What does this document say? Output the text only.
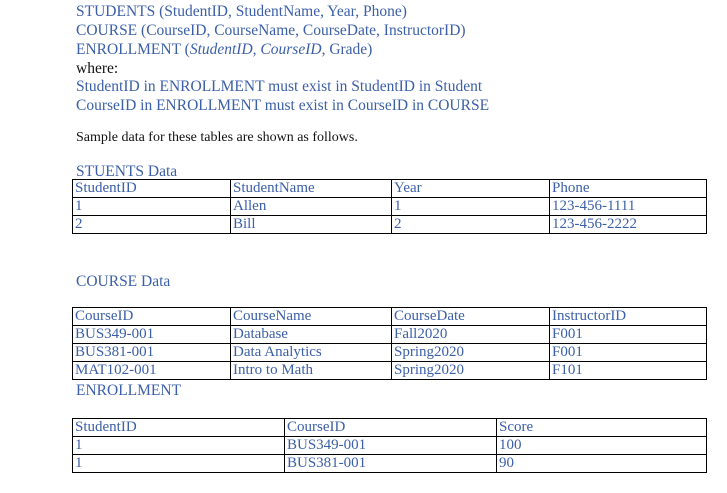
STUDENTS (StudentID, StudentName, Year, Phone)
COURSE (CourseID, CourseName, CourseDate, InstructorID)
ENROLLMENT (StudentID, CourseID, Grade)
where:
StudentID in ENROLLMENT must exist in StudentID in Student
CourseID in ENROLLMENT must exist in CourseID in COURSE
Sample data for these tables are shown as follows.
STUENTS Data
StudentID	StudentName	Year	Phone
1	Allen	1	123-456-1111
2	Bill	2	123-456-2222
COURSE Data
CourseID	CourseName	CourseDate	InstructorID
BUS349-001	Database	Fall2020	F001
BUS381-001	Data Analytics	Spring2020	F001
MAT102-001	Intro to Math	Spring2020	F101
ENROLLMENT
StudentID	CourseID	Score
1	BUS349-001	100
1	BUS381-001	90
